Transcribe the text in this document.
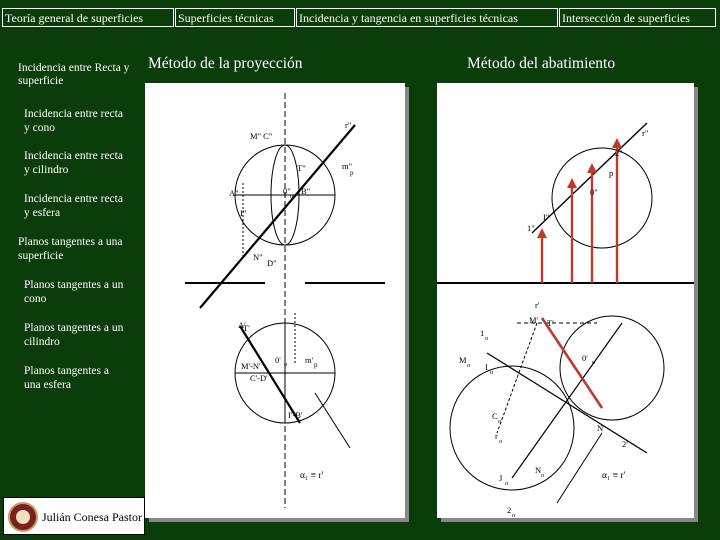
Teoría general de superficies	Superficies técnicas	Incidencia y tangencia en superficies técnicas	Intersección de superficies
Incidencia entre Recta y superficie
Incidencia entre recta y cono
Incidencia entre recta y cilindro
Incidencia entre recta y esfera
Planos tangentes a una superficie
Planos tangentes a un cono
Planos tangentes a un cilindro
Planos tangentes a una esfera
Método de la proyección	Método del abatimiento
r"
M" C"
T"	m"
p
A"	0"
o
B"
I"
N"
D"
A'
T'
0' o m' p
M'-N'
C'-D'
I'-B'
α₁ ≡ r'
r"
2"
p
0"
I"
1"
r'
M' T'
1
o
M
o I
o
0' o
C
o
N'
2'
r
o
J
o
N
o
2
o
α₁ ≡ r'
Julián Conesa Pastor
